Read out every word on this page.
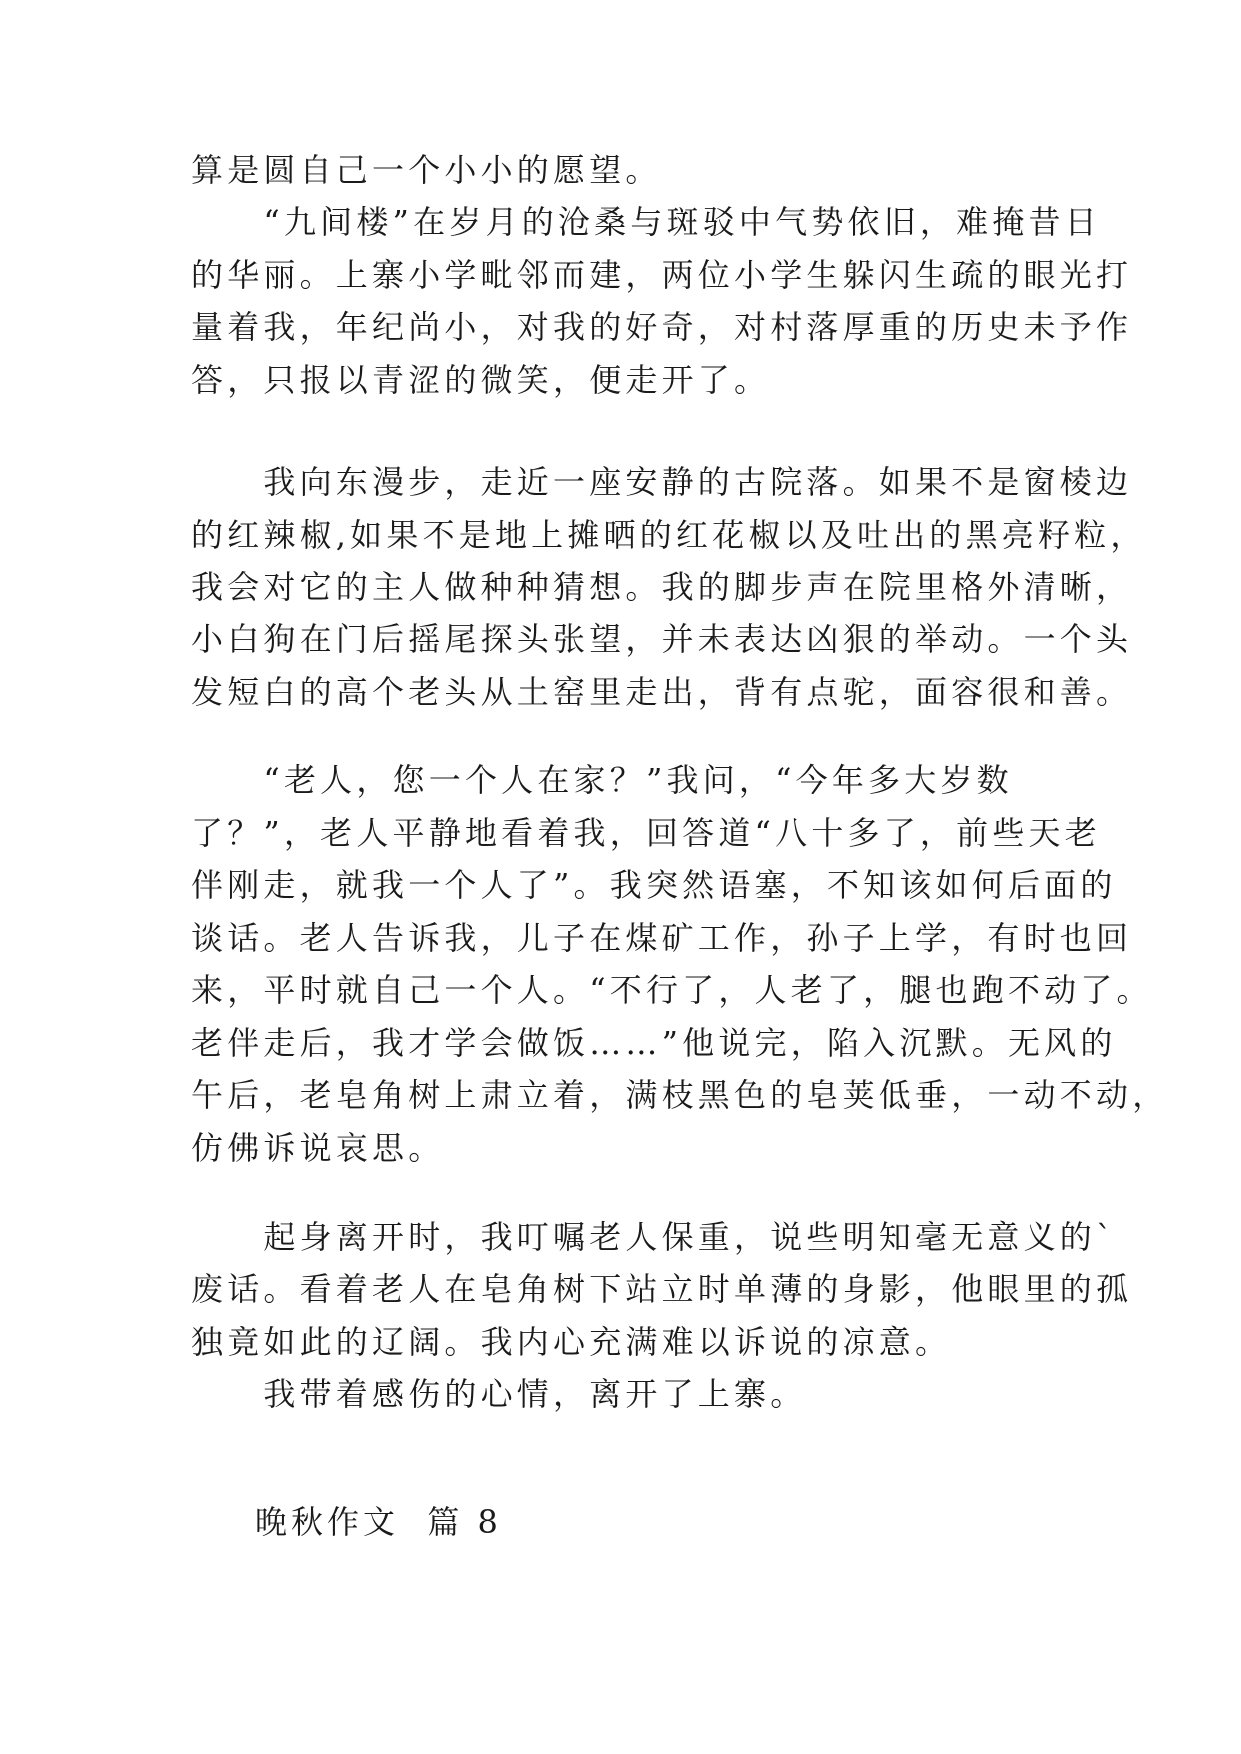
算是圆自己一个小小的愿望。
　　“九间楼”在岁月的沧桑与斑驳中气势依旧，难掩昔日
的华丽。上寨小学毗邻而建，两位小学生躲闪生疏的眼光打
量着我，年纪尚小，对我的好奇，对村落厚重的历史未予作
答，只报以青涩的微笑，便走开了。
　　我向东漫步，走近一座安静的古院落。如果不是窗棱边
的红辣椒,如果不是地上摊晒的红花椒以及吐出的黑亮籽粒，
我会对它的主人做种种猜想。我的脚步声在院里格外清晰，
小白狗在门后摇尾探头张望，并未表达凶狠的举动。一个头
发短白的高个老头从土窑里走出，背有点驼，面容很和善。
　　“老人，您一个人在家？”我问，“今年多大岁数
了？”，老人平静地看着我，回答道“八十多了，前些天老
伴刚走，就我一个人了”。我突然语塞，不知该如何后面的
谈话。老人告诉我，儿子在煤矿工作，孙子上学，有时也回
来，平时就自己一个人。“不行了，人老了，腿也跑不动了。
老伴走后，我才学会做饭……”他说完，陷入沉默。无风的
午后，老皂角树上肃立着，满枝黑色的皂荚低垂，一动不动，
仿佛诉说哀思。
　　起身离开时，我叮嘱老人保重，说些明知毫无意义的`
废话。看着老人在皂角树下站立时单薄的身影，他眼里的孤
独竟如此的辽阔。我内心充满难以诉说的凉意。
　　我带着感伤的心情，离开了上寨。
晚秋作文  篇 8
